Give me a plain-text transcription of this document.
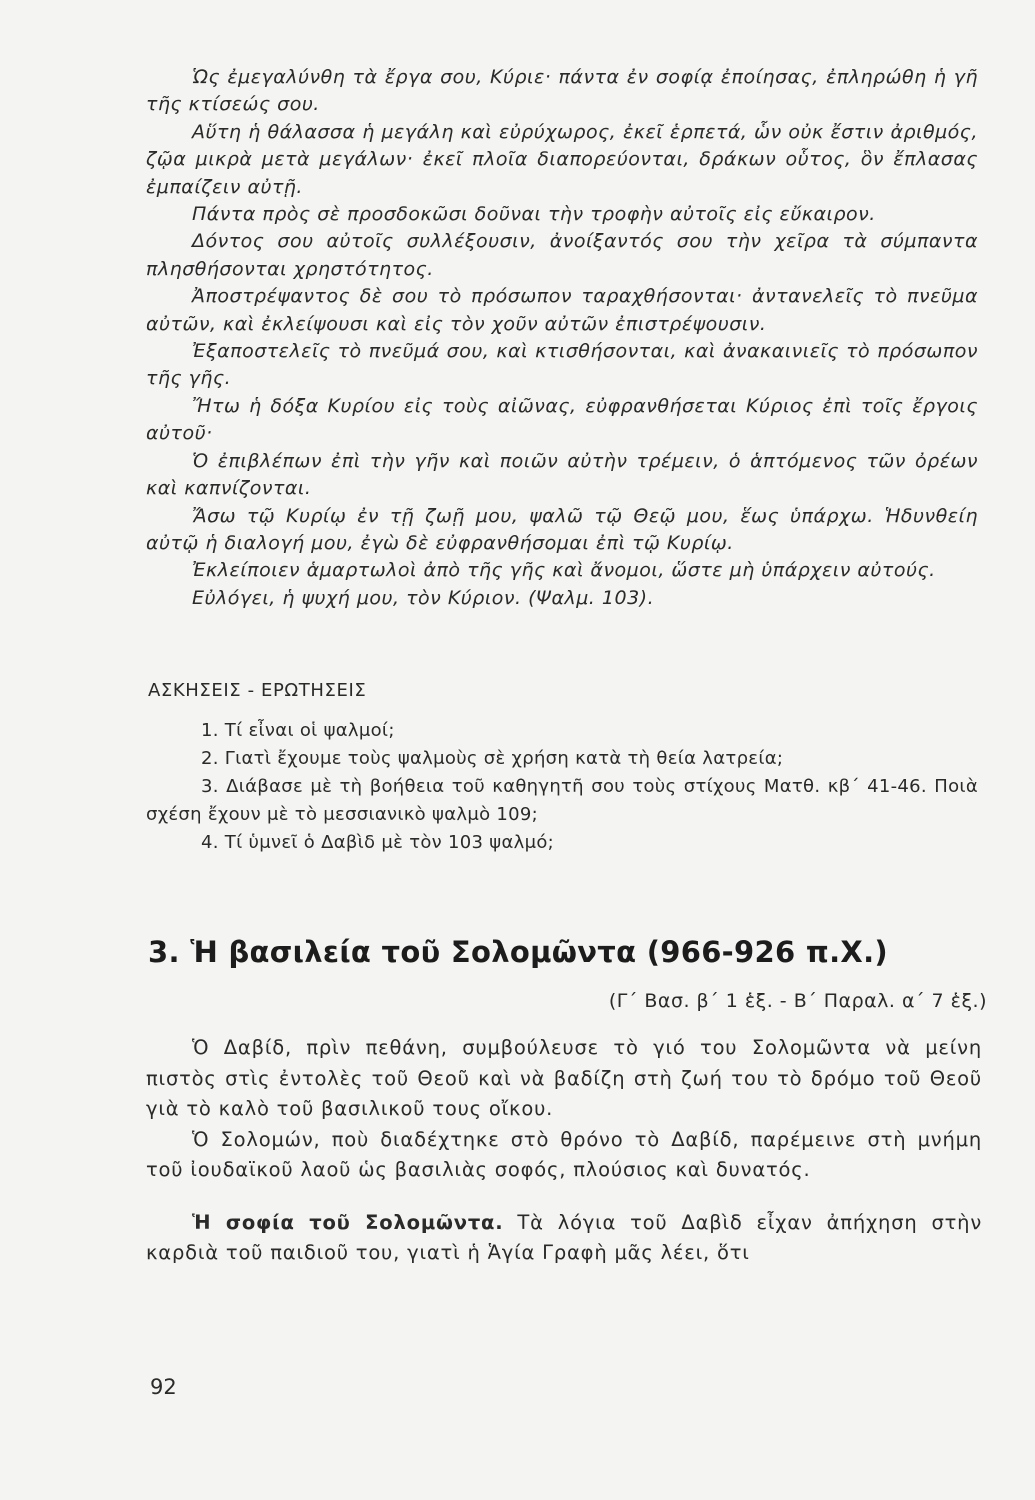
Ὡς ἐμεγαλύνθη τὰ ἔργα σου, Κύριε· πάντα ἐν σοφίᾳ ἐποίησας, ἐπληρώθη ἡ γῆ τῆς κτίσεώς σου.

Αὕτη ἡ θάλασσα ἡ μεγάλη καὶ εὐρύχωρος, ἐκεῖ ἑρπετά, ὧν οὐκ ἔστιν ἀριθμός, ζῷα μικρὰ μετὰ μεγάλων· ἐκεῖ πλοῖα διαπορεύονται, δράκων οὗτος, ὃν ἔπλασας ἐμπαίζειν αὐτῇ.

Πάντα πρὸς σὲ προσδοκῶσι δοῦναι τὴν τροφὴν αὐτοῖς εἰς εὔκαιρον.

Δόντος σου αὐτοῖς συλλέξουσιν, ἀνοίξαντός σου τὴν χεῖρα τὰ σύμπαντα πλησθήσονται χρηστότητος.

Ἀποστρέψαντος δὲ σου τὸ πρόσωπον ταραχθήσονται· ἀντανελεῖς τὸ πνεῦμα αὐτῶν, καὶ ἐκλείψουσι καὶ εἰς τὸν χοῦν αὐτῶν ἐπιστρέψουσιν.

Ἐξαποστελεῖς τὸ πνεῦμά σου, καὶ κτισθήσονται, καὶ ἀνακαινιεῖς τὸ πρόσωπον τῆς γῆς.

Ἤτω ἡ δόξα Κυρίου εἰς τοὺς αἰῶνας, εὐφρανθήσεται Κύριος ἐπὶ τοῖς ἔργοις αὐτοῦ·

Ὁ ἐπιβλέπων ἐπὶ τὴν γῆν καὶ ποιῶν αὐτὴν τρέμειν, ὁ ἁπτόμενος τῶν ὀρέων καὶ καπνίζονται.

Ἄσω τῷ Κυρίῳ ἐν τῇ ζωῇ μου, ψαλῶ τῷ Θεῷ μου, ἕως ὑπάρχω. Ἡδυνθείη αὐτῷ ἡ διαλογή μου, ἐγὼ δὲ εὐφρανθήσομαι ἐπὶ τῷ Κυρίῳ.

Ἐκλείποιεν ἁμαρτωλοὶ ἀπὸ τῆς γῆς καὶ ἄνομοι, ὥστε μὴ ὑπάρχειν αὐτούς.

Εὐλόγει, ἡ ψυχή μου, τὸν Κύριον. (Ψαλμ. 103).

ΑΣΚΗΣΕΙΣ - ΕΡΩΤΗΣΕΙΣ

1. Τί εἶναι οἱ ψαλμοί;

2. Γιατὶ ἔχουμε τοὺς ψαλμοὺς σὲ χρήση κατὰ τὴ θεία λατρεία;

3. Διάβασε μὲ τὴ βοήθεια τοῦ καθηγητῆ σου τοὺς στίχους Ματθ. κβ΄ 41-46. Ποιὰ σχέση ἔχουν μὲ τὸ μεσσιανικὸ ψαλμὸ 109;

4. Τί ὑμνεῖ ὁ Δαβὶδ μὲ τὸν 103 ψαλμό;

3. Ἡ βασιλεία τοῦ Σολομῶντα (966-926 π.Χ.)
(Γ΄ Βασ. β΄ 1 ἑξ. - Β΄ Παραλ. α΄ 7 ἑξ.)

Ὁ Δαβίδ, πρὶν πεθάνη, συμβούλευσε τὸ γιό του Σολομῶντα νὰ μείνη πιστὸς στὶς ἐντολὲς τοῦ Θεοῦ καὶ νὰ βαδίζη στὴ ζωή του τὸ δρόμο τοῦ Θεοῦ γιὰ τὸ καλὸ τοῦ βασιλικοῦ τους οἴκου.

Ὁ Σολομών, ποὺ διαδέχτηκε στὸ θρόνο τὸ Δαβίδ, παρέμεινε στὴ μνήμη τοῦ ἰουδαϊκοῦ λαοῦ ὡς βασιλιὰς σοφός, πλούσιος καὶ δυνατός.

Ἡ σοφία τοῦ Σολομῶντα. Τὰ λόγια τοῦ Δαβὶδ εἶχαν ἀπήχηση στὴν καρδιὰ τοῦ παιδιοῦ του, γιατὶ ἡ Ἁγία Γραφὴ μᾶς λέει, ὅτι

92
